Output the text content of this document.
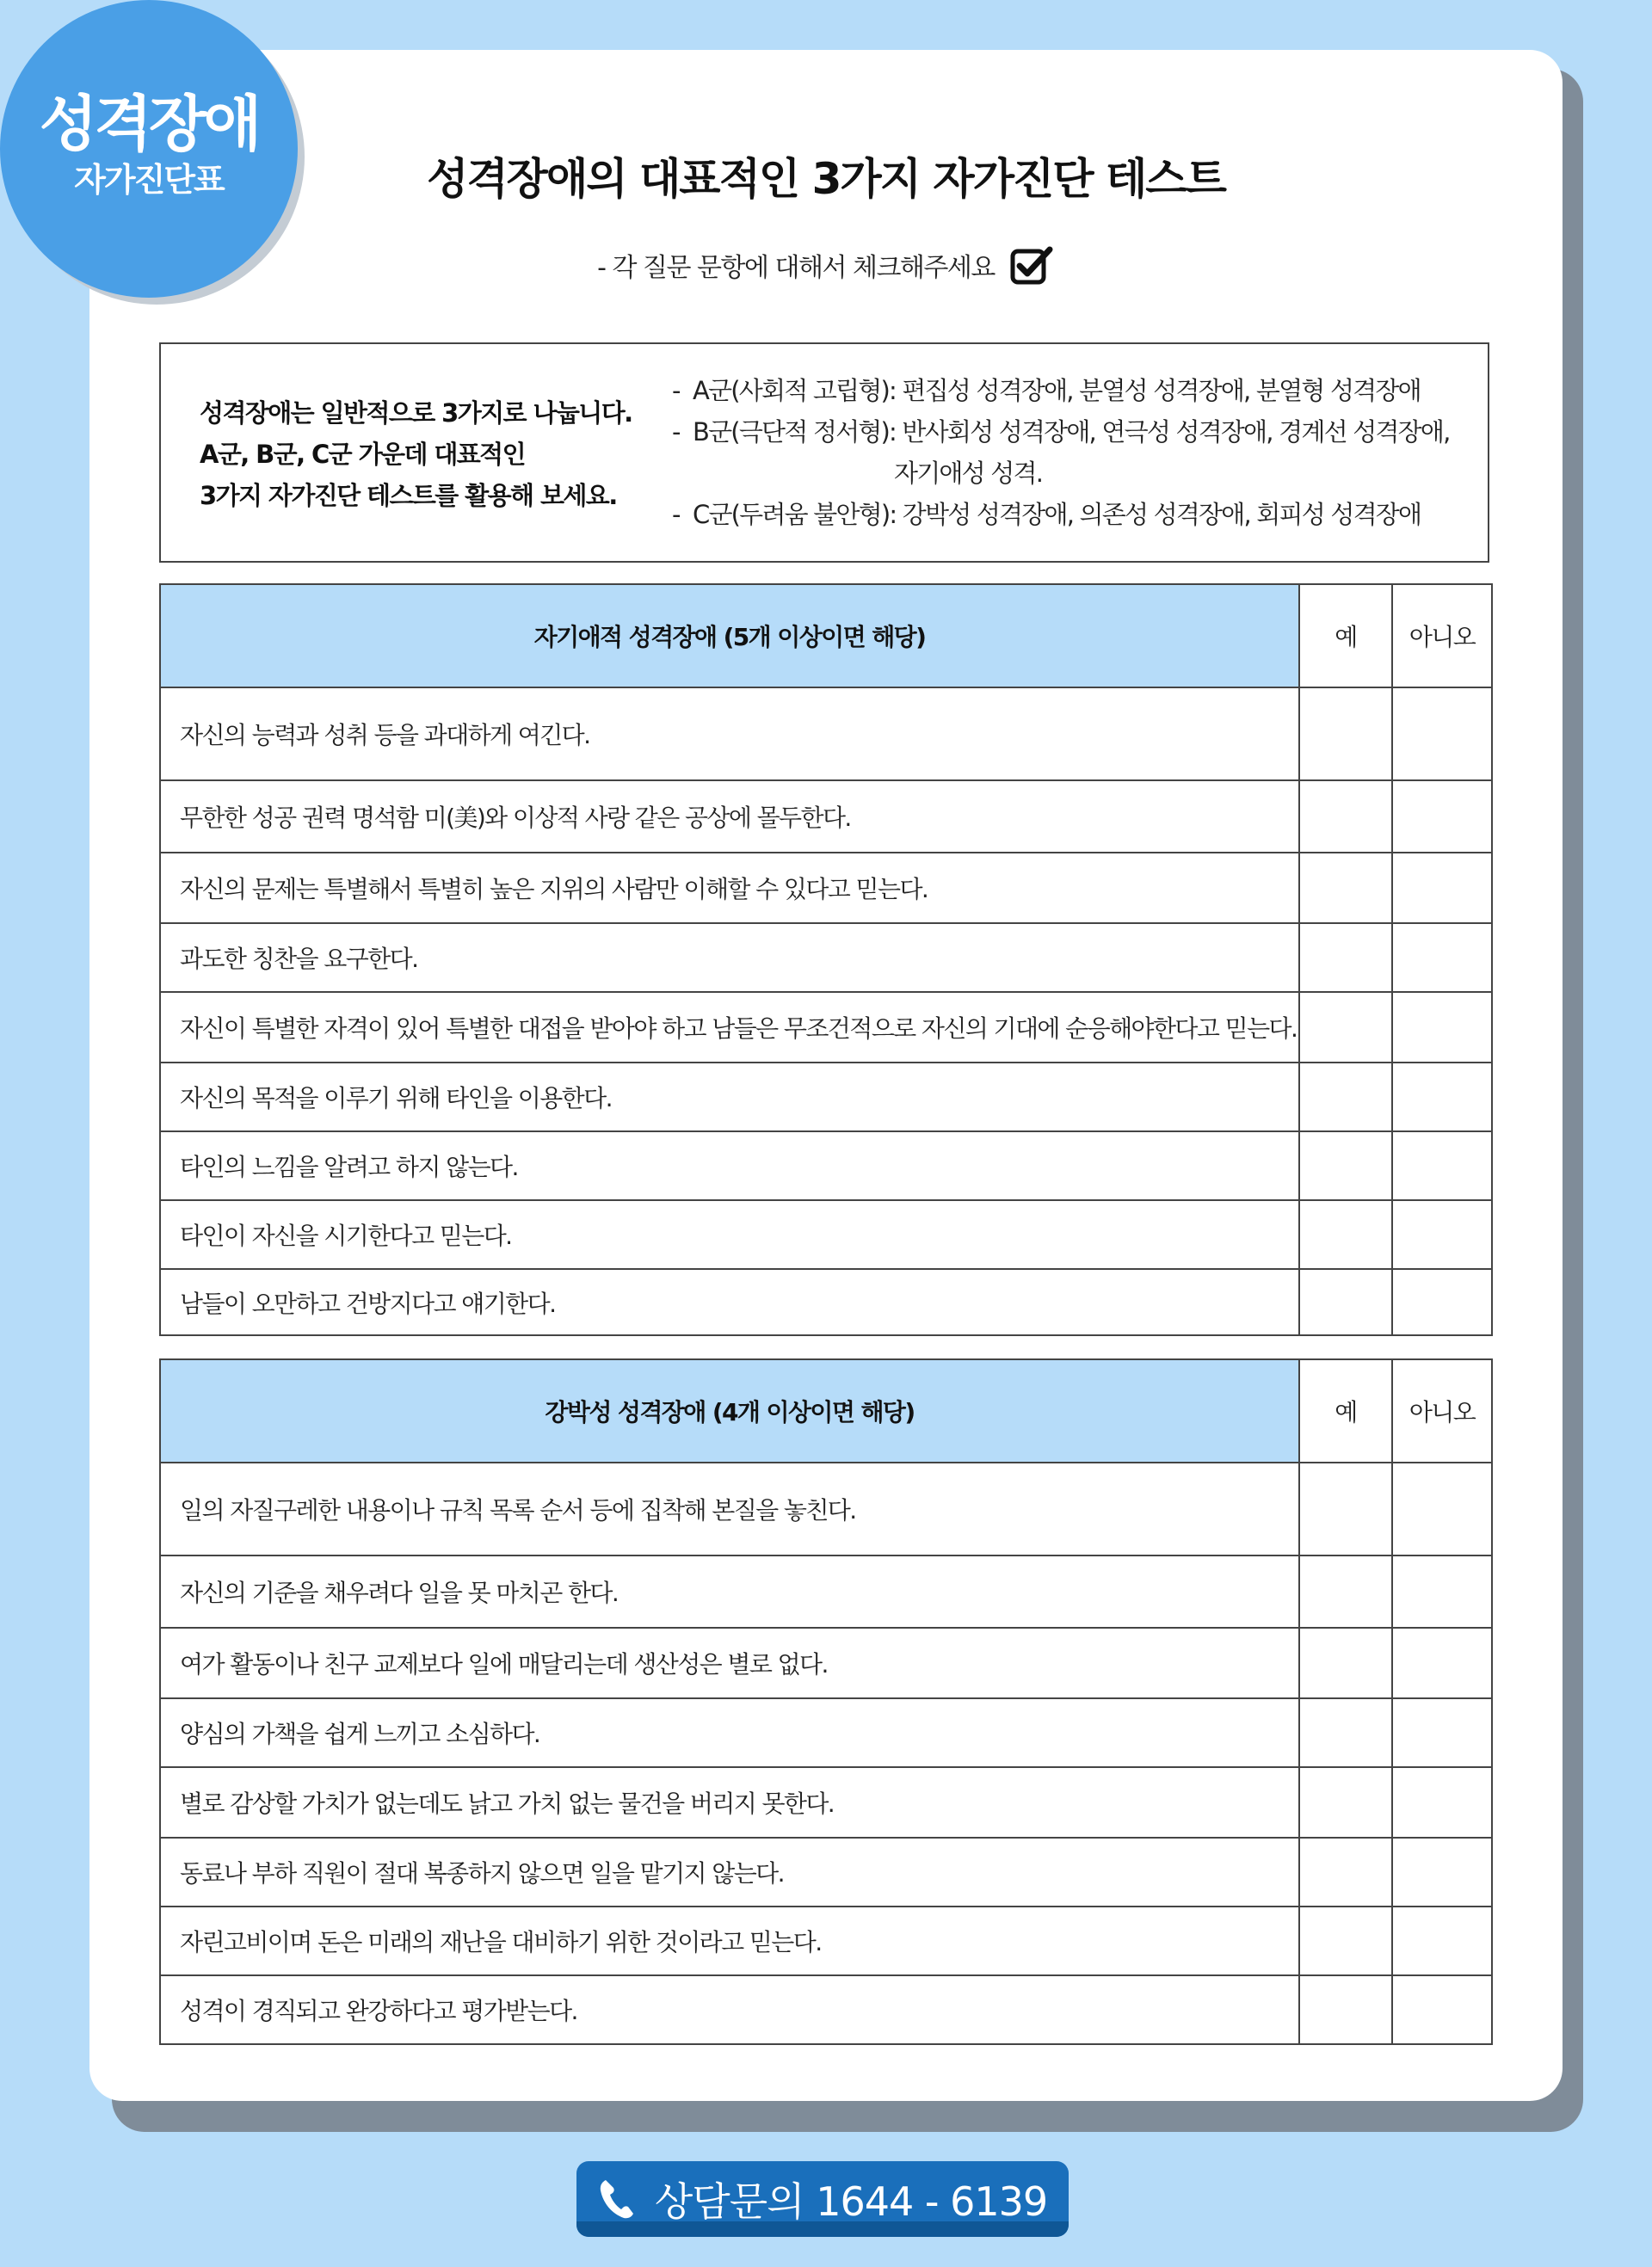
성격장애
자가진단표	성격장애의 대표적인 3가지 자가진단 테스트
- 각 질문 문항에 대해서 체크해주세요
성격장애는 일반적으로 3가지로 나눕니다.
A군, B군, C군 가운데 대표적인
3가지 자가진단 테스트를 활용해 보세요.
- A군(사회적 고립형): 편집성 성격장애, 분열성 성격장애, 분열형 성격장애
- B군(극단적 정서형): 반사회성 성격장애, 연극성 성격장애, 경계선 성격장애,
자기애성 성격.
- C군(두려움 불안형): 강박성 성격장애, 의존성 성격장애, 회피성 성격장애
자기애적 성격장애 (5개 이상이면 해당)	예	아니오
자신의 능력과 성취 등을 과대하게 여긴다.		
무한한 성공 권력 명석함 미(美)와 이상적 사랑 같은 공상에 몰두한다.		
자신의 문제는 특별해서 특별히 높은 지위의 사람만 이해할 수 있다고 믿는다.		
과도한 칭찬을 요구한다.		
자신이 특별한 자격이 있어 특별한 대접을 받아야 하고 남들은 무조건적으로 자신의 기대에 순응해야한다고 믿는다.		
자신의 목적을 이루기 위해 타인을 이용한다.		
타인의 느낌을 알려고 하지 않는다.		
타인이 자신을 시기한다고 믿는다.		
남들이 오만하고 건방지다고 얘기한다.		
강박성 성격장애 (4개 이상이면 해당)	예	아니오
일의 자질구레한 내용이나 규칙 목록 순서 등에 집착해 본질을 놓친다.		
자신의 기준을 채우려다 일을 못 마치곤 한다.		
여가 활동이나 친구 교제보다 일에 매달리는데 생산성은 별로 없다.		
양심의 가책을 쉽게 느끼고 소심하다.		
별로 감상할 가치가 없는데도 낡고 가치 없는 물건을 버리지 못한다.		
동료나 부하 직원이 절대 복종하지 않으면 일을 맡기지 않는다.		
자린고비이며 돈은 미래의 재난을 대비하기 위한 것이라고 믿는다.		
성격이 경직되고 완강하다고 평가받는다.		
상담문의 1644 - 6139
